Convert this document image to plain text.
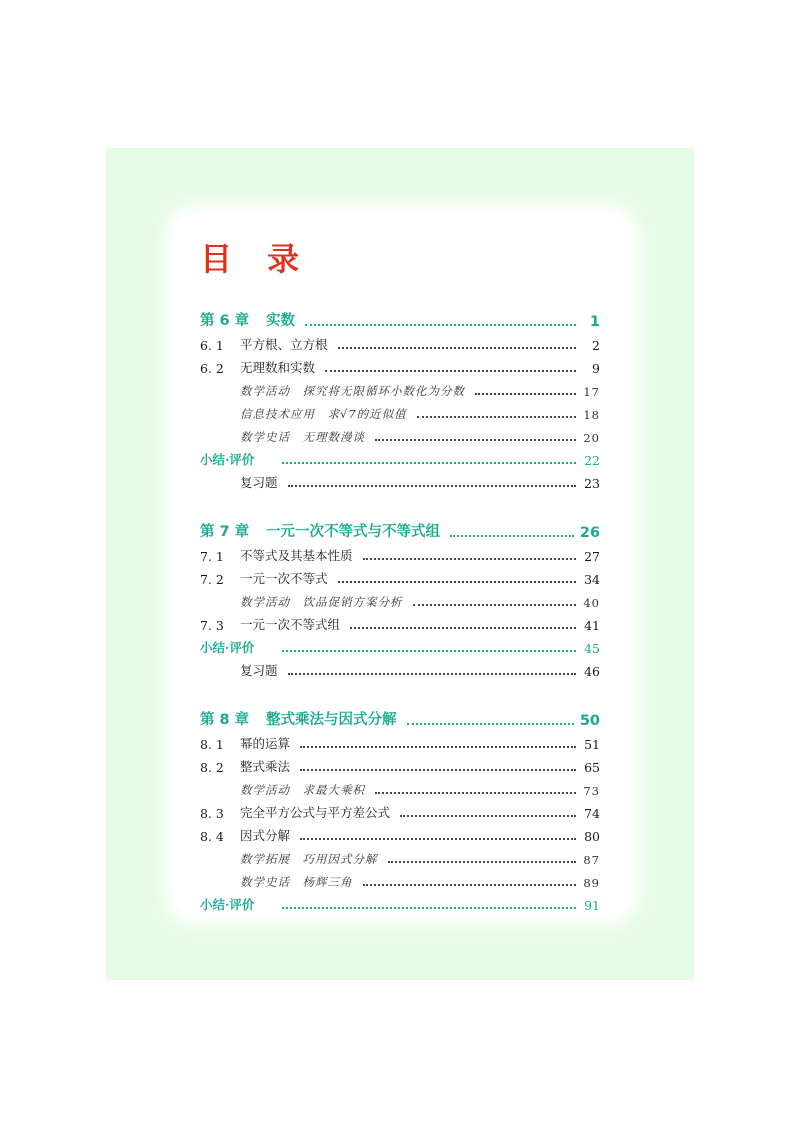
目 录
第 6 章	实数	1
6. 1	平方根、立方根	2
6. 2	无理数和实数	9
数学活动　探究将无限循环小数化为分数	17
信息技术应用　求√7的近似值	18
数学史话　无理数漫谈	20
小结·评价	22
复习题	23
第 7 章	一元一次不等式与不等式组	26
7. 1	不等式及其基本性质	27
7. 2	一元一次不等式	34
数学活动　饮品促销方案分析	40
7. 3	一元一次不等式组	41
小结·评价	45
复习题	46
第 8 章	整式乘法与因式分解	50
8. 1	幂的运算	51
8. 2	整式乘法	65
数学活动　求最大乘积	73
8. 3	完全平方公式与平方差公式	74
8. 4	因式分解	80
数学拓展　巧用因式分解	87
数学史话　杨辉三角	89
小结·评价	91
